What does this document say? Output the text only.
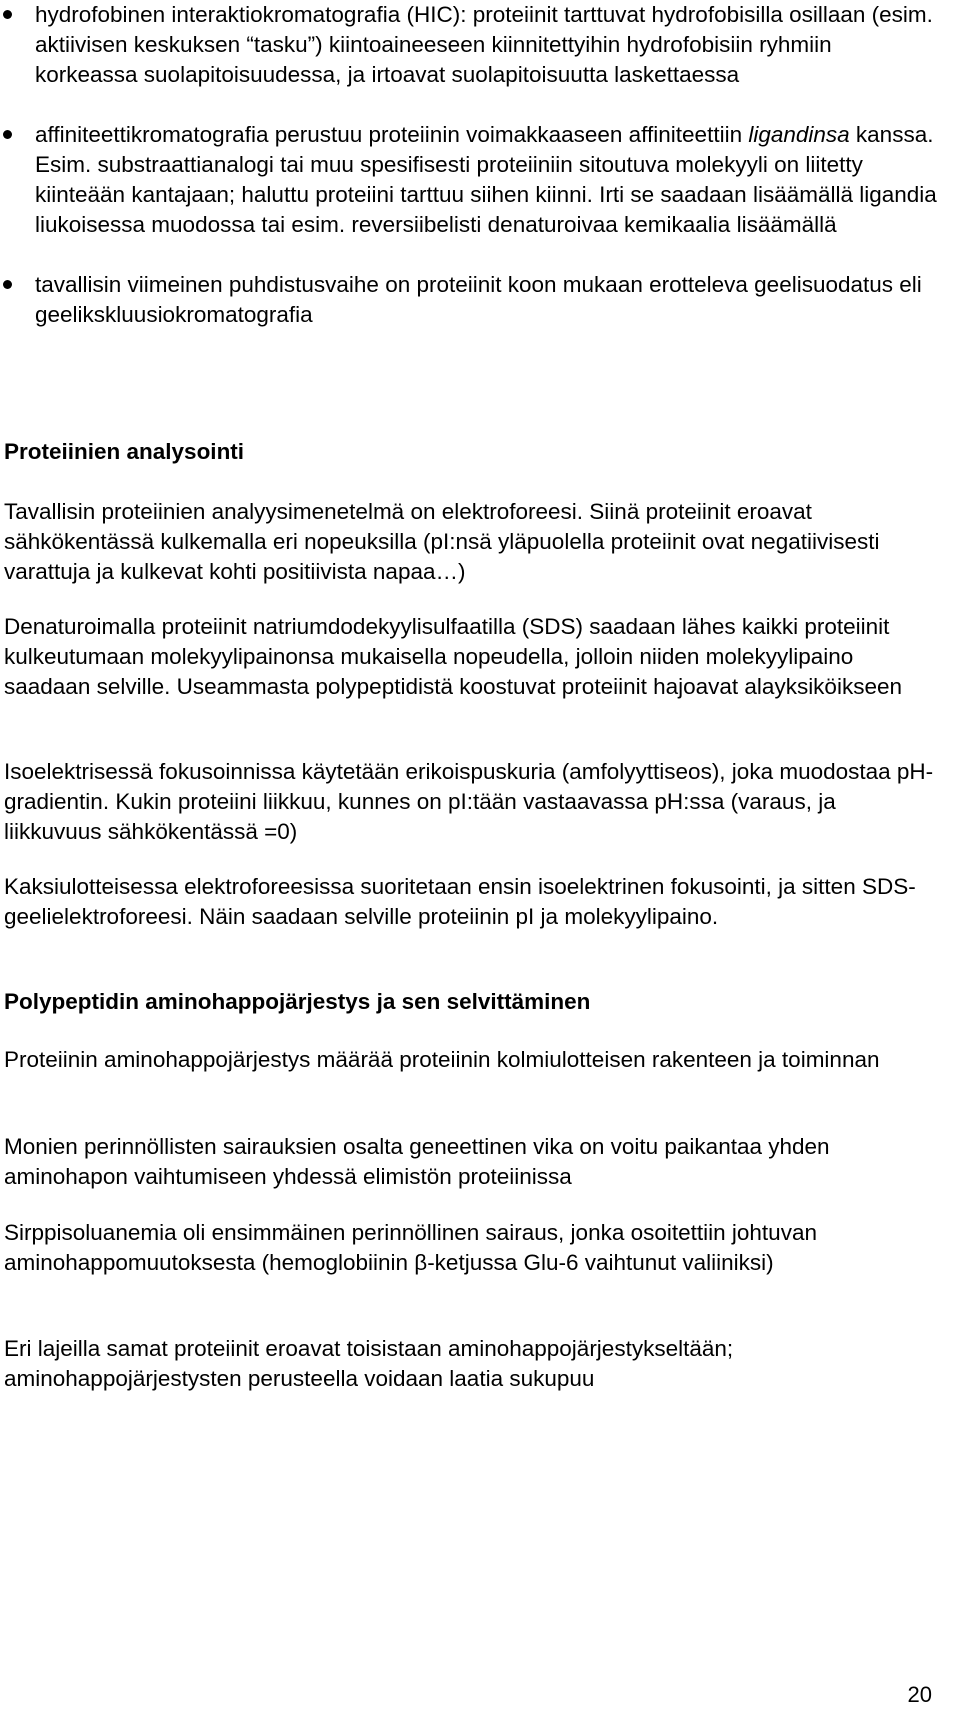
hydrofobinen interaktiokromatografia (HIC): proteiinit tarttuvat hydrofobisilla osillaan (esim. aktiivisen keskuksen “tasku”) kiintoaineeseen kiinnitettyihin hydrofobisiin ryhmiin korkeassa suolapitoisuudessa, ja irtoavat suolapitoisuutta laskettaessa
affiniteettikromatografia perustuu proteiinin voimakkaaseen affiniteettiin ligandinsa kanssa. Esim. substraattianalogi tai muu spesifisesti proteiiniin sitoutuva molekyyli on liitetty kiinteään kantajaan; haluttu proteiini tarttuu siihen kiinni. Irti se saadaan lisäämällä ligandia liukoisessa muodossa tai esim. reversiibelisti denaturoivaa kemikaalia lisäämällä
tavallisin viimeinen puhdistusvaihe on proteiinit koon mukaan erotteleva geelisuodatus eli geelikskluusiokromatografia
Proteiinien analysointi

Tavallisin proteiinien analyysimenetelmä on elektroforeesi. Siinä proteiinit eroavat sähkökentässä kulkemalla eri nopeuksilla (pI:nsä yläpuolella proteiinit ovat negatiivisesti varattuja ja kulkevat kohti positiivista napaa…)

Denaturoimalla proteiinit natriumdodekyylisulfaatilla (SDS) saadaan lähes kaikki proteiinit kulkeutumaan molekyylipainonsa mukaisella nopeudella, jolloin niiden molekyylipaino saadaan selville. Useammasta polypeptidistä koostuvat proteiinit hajoavat alayksiköikseen

Isoelektrisessä fokusoinnissa käytetään erikoispuskuria (amfolyyttiseos), joka muodostaa pH-gradientin. Kukin proteiini liikkuu, kunnes on pI:tään vastaavassa pH:ssa (varaus, ja liikkuvuus sähkökentässä =0)

Kaksiulotteisessa elektroforeesissa suoritetaan ensin isoelektrinen fokusointi, ja sitten SDS-geelielektroforeesi. Näin saadaan selville proteiinin pI ja molekyylipaino.

Polypeptidin aminohappojärjestys ja sen selvittäminen

Proteiinin aminohappojärjestys määrää proteiinin kolmiulotteisen rakenteen ja toiminnan

Monien perinnöllisten sairauksien osalta geneettinen vika on voitu paikantaa yhden aminohapon vaihtumiseen yhdessä elimistön proteiinissa

Sirppisoluanemia oli ensimmäinen perinnöllinen sairaus, jonka osoitettiin johtuvan aminohappomuutoksesta (hemoglobiinin β-ketjussa Glu-6 vaihtunut valiiniksi)

Eri lajeilla samat proteiinit eroavat toisistaan aminohappojärjestykseltään; aminohappojärjestysten perusteella voidaan laatia sukupuu

20
